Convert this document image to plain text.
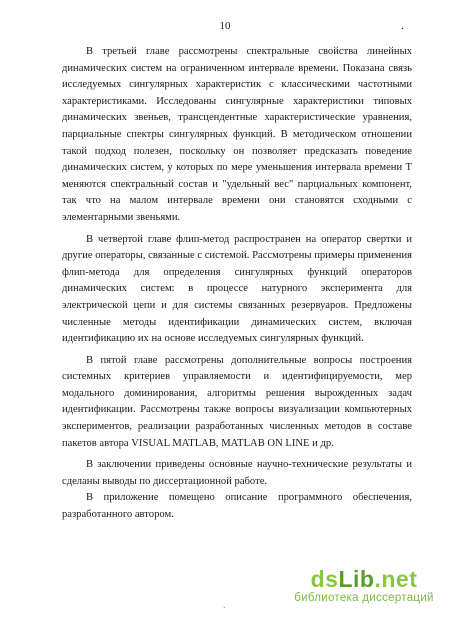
10	.

В третьей главе рассмотрены спектральные свойства линейных динамических систем на ограниченном интервале времени. Показана связь исследуемых сингулярных характеристик с классическими частотными характеристиками. Исследованы сингулярные характеристики типовых динамических звеньев, трансцендентные характеристические уравнения, парциальные спектры сингулярных функций. В методическом отношении такой подход полезен, поскольку он позволяет предсказать поведение динамических систем, у которых по мере уменьшения интервала времени Т меняются спектральный состав и "удельный вес" парциальных компонент, так что на малом интервале времени они становятся сходными с элементарными звеньями.

В четвертой главе флип-метод распространен на оператор свертки и другие операторы, связанные с системой. Рассмотрены примеры применения флип-метода для определения сингулярных функций операторов динамических систем: в процессе натурного эксперимента для электрической цепи и для системы связанных резервуаров. Предложены численные методы идентификации динамических систем, включая идентификацию их на основе исследуемых сингулярных функций.

В пятой главе рассмотрены дополнительные вопросы построения системных критериев управляемости и идентифицируемости, мер модального доминирования, алгоритмы решения вырожденных задач идентификации. Рассмотрены также вопросы визуализации компьютерных экспериментов, реализации разработанных численных методов в составе пакетов автора VISUAL MATLAB, MATLAB ON LINE и др.

В заключении приведены основные научно-технические результаты и сделаны выводы по диссертационной работе.

В приложение помещено описание программного обеспечения, разработанного автором.

.
dsLib.net
библиотека диссертаций
